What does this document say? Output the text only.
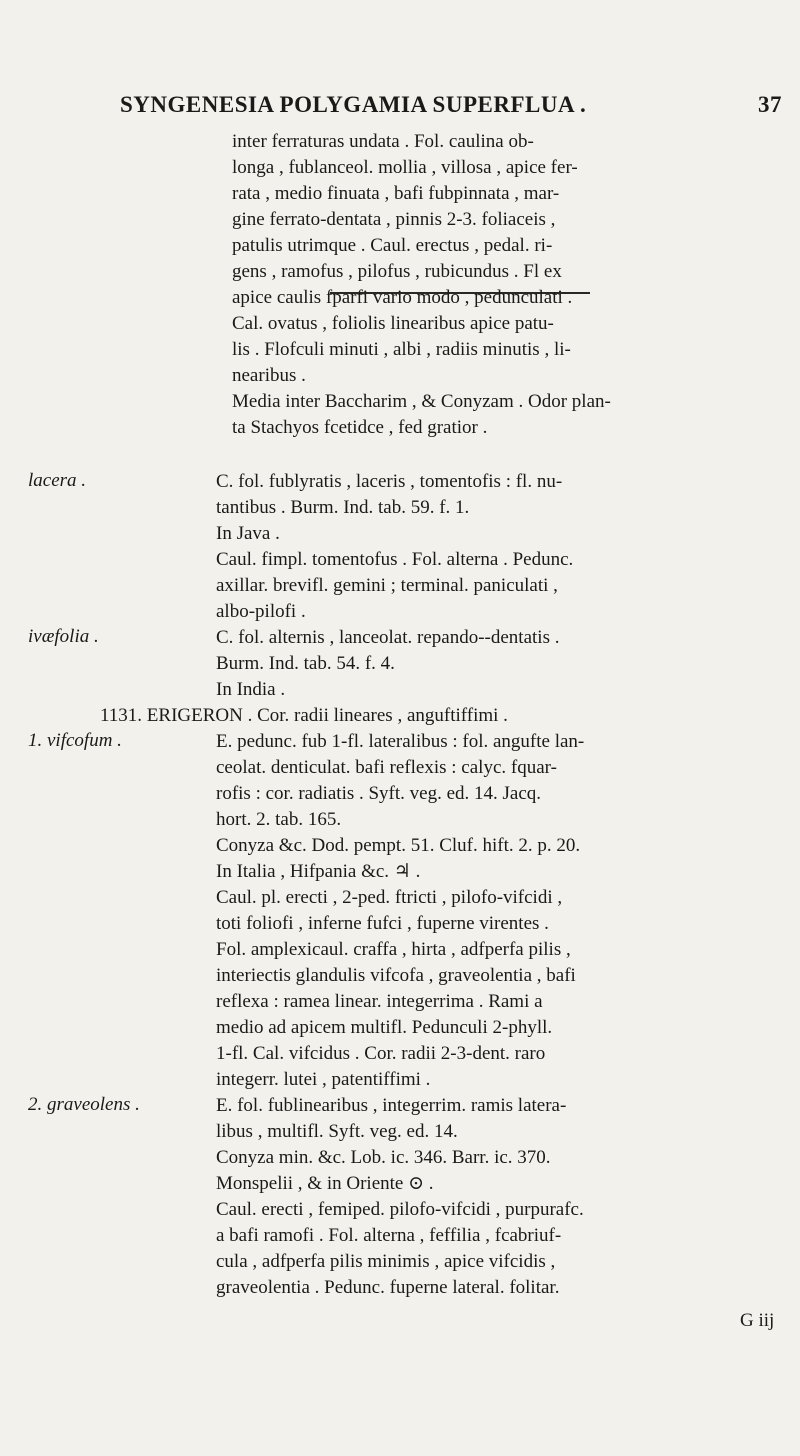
SYNGENESIA POLYGAMIA SUPERFLUA .	37
inter ferraturas undata . Fol. caulina ob-
longa , fublanceol. mollia , villosa , apice fer-
rata , medio finuata , bafi fubpinnata , mar-
gine ferrato-dentata , pinnis 2-3. foliaceis ,
patulis utrimque . Caul. erectus , pedal. ri-
gens , ramofus , pilofus , rubicundus . Fl ex
apice caulis fparfi vario modo , pedunculati .
Cal. ovatus , foliolis linearibus apice patu-
lis . Flofculi minuti , albi , radiis minutis , li-
nearibus .
Media inter Baccharim , & Conyzam . Odor plan-
ta Stachyos fcetidce , fed gratior .
C. fol. fublyratis , laceris , tomentofis : fl. nu-
tantibus . Burm. Ind. tab. 59. f. 1.
In Java .
Caul. fimpl. tomentofus . Fol. alterna . Pedunc.
axillar. brevifl. gemini ; terminal. paniculati ,
albo-pilofi .
C. fol. alternis , lanceolat. repando--dentatis .
Burm. Ind. tab. 54. f. 4.
In India .
1131. ERIGERON . Cor. radii lineares , anguftiffimi .
E. pedunc. fub 1-fl. lateralibus : fol. angufte lan-
ceolat. denticulat. bafi reflexis : calyc. fquar-
rofis : cor. radiatis . Syft. veg. ed. 14. Jacq.
hort. 2. tab. 165.
Conyza &c. Dod. pempt. 51. Cluf. hift. 2. p. 20.
In Italia , Hifpania &c. ♃ .
Caul. pl. erecti , 2-ped. ftricti , pilofo-vifcidi ,
toti foliofi , inferne fufci , fuperne virentes .
Fol. amplexicaul. craffa , hirta , adfperfa pilis ,
interiectis glandulis vifcofa , graveolentia , bafi
reflexa : ramea linear. integerrima . Rami a
medio ad apicem multifl. Pedunculi 2-phyll.
1-fl. Cal. vifcidus . Cor. radii 2-3-dent. raro
integerr. lutei , patentiffimi .
E. fol. fublinearibus , integerrim. ramis latera-
libus , multifl. Syft. veg. ed. 14.
Conyza min. &c. Lob. ic. 346. Barr. ic. 370.
Monspelii , & in Oriente ⊙ .
Caul. erecti , femiped. pilofo-vifcidi , purpurafc.
a bafi ramofi . Fol. alterna , feffilia , fcabriuf-
cula , adfperfa pilis minimis , apice vifcidis ,
graveolentia . Pedunc. fuperne lateral. folitar.
lacera .
ivæfolia .
1. vifcofum .
2. graveolens .
G iij
